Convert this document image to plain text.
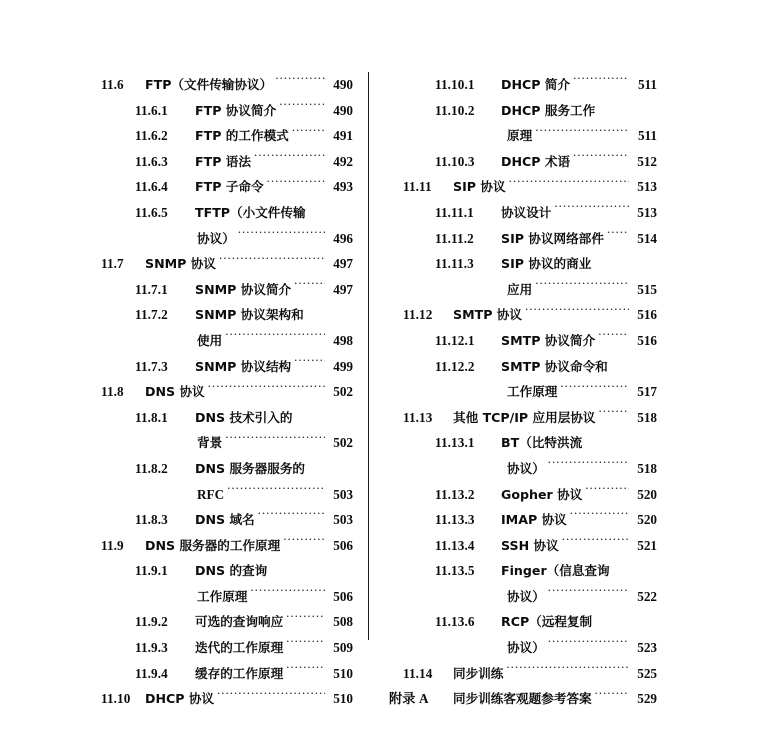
11.6	FTP（文件传输协议） .....	490
11.6.1	FTP 协议简介 .....	490
11.6.2	FTP 的工作模式 .....	491
11.6.3	FTP 语法 .....	492
11.6.4	FTP 子命令 .....	493
11.6.5	TFTP（小文件传输
协议） .....	496
11.7	SNMP 协议 .....	497
11.7.1	SNMP 协议简介 .....	497
11.7.2	SNMP 协议架构和
使用 .....	498
11.7.3	SNMP 协议结构 .....	499
11.8	DNS 协议 .....	502
11.8.1	DNS 技术引入的
背景 .....	502
11.8.2	DNS 服务器服务的
RFC .....	503
11.8.3	DNS 域名 .....	503
11.9	DNS 服务器的工作原理 .....	506
11.9.1	DNS 的查询
工作原理 .....	506
11.9.2	可选的查询响应 .....	508
11.9.3	迭代的工作原理 .....	509
11.9.4	缓存的工作原理 .....	510
11.10	DHCP 协议 .....	510
11.10.1	DHCP 简介 .....	511
11.10.2	DHCP 服务工作
原理 .....	511
11.10.3	DHCP 术语 .....	512
11.11	SIP 协议 .....	513
11.11.1	协议设计 .....	513
11.11.2	SIP 协议网络部件 .....	514
11.11.3	SIP 协议的商业
应用 .....	515
11.12	SMTP 协议 .....	516
11.12.1	SMTP 协议简介 .....	516
11.12.2	SMTP 协议命令和
工作原理 .....	517
11.13	其他 TCP/IP 应用层协议 .....	518
11.13.1	BT（比特洪流
协议） .....	518
11.13.2	Gopher 协议 .....	520
11.13.3	IMAP 协议 .....	520
11.13.4	SSH 协议 .....	521
11.13.5	Finger（信息查询
协议） .....	522
11.13.6	RCP（远程复制
协议） .....	523
11.14	同步训练 .....	525
附录 A	同步训练客观题参考答案 .....	529
